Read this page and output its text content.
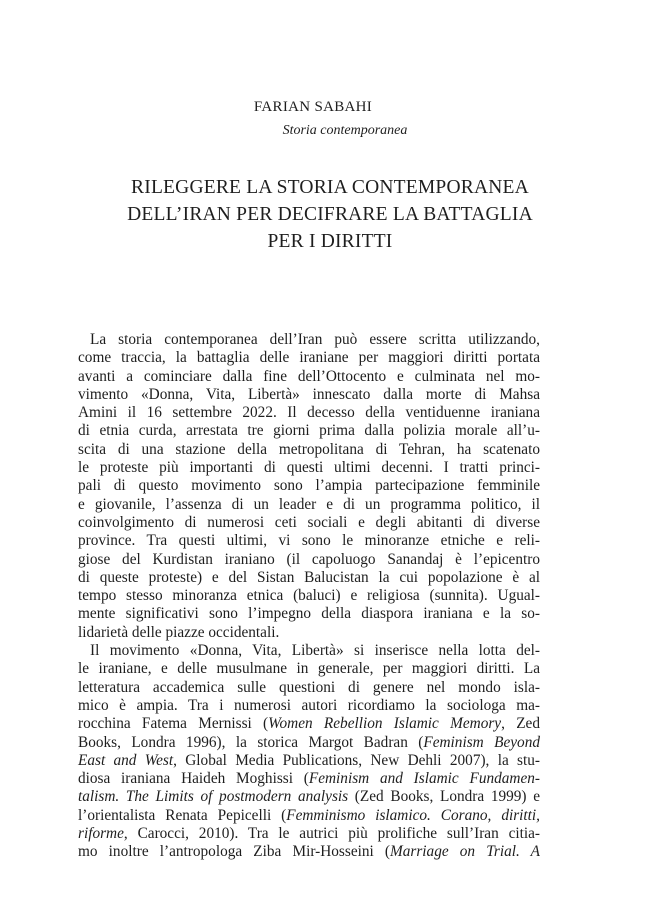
FARIAN SABAHI
Storia contemporanea
RILEGGERE LA STORIA CONTEMPORANEA
DELL’IRAN PER DECIFRARE LA BATTAGLIA
PER I DIRITTI

La storia contemporanea dell’Iran può essere scritta utilizzando,
come traccia, la battaglia delle iraniane per maggiori diritti portata
avanti a cominciare dalla fine dell’Ottocento e culminata nel mo-
vimento «Donna, Vita, Libertà» innescato dalla morte di Mahsa
Amini il 16 settembre 2022. Il decesso della ventiduenne iraniana
di etnia curda, arrestata tre giorni prima dalla polizia morale all’u-
scita di una stazione della metropolitana di Tehran, ha scatenato
le proteste più importanti di questi ultimi decenni. I tratti princi-
pali di questo movimento sono l’ampia partecipazione femminile
e giovanile, l’assenza di un leader e di un programma politico, il
coinvolgimento di numerosi ceti sociali e degli abitanti di diverse
province. Tra questi ultimi, vi sono le minoranze etniche e reli-
giose del Kurdistan iraniano (il capoluogo Sanandaj è l’epicentro
di queste proteste) e del Sistan Balucistan la cui popolazione è al
tempo stesso minoranza etnica (baluci) e religiosa (sunnita). Ugual-
mente significativi sono l’impegno della diaspora iraniana e la so-
lidarietà delle piazze occidentali.

Il movimento «Donna, Vita, Libertà» si inserisce nella lotta del-
le iraniane, e delle musulmane in generale, per maggiori diritti. La
letteratura accademica sulle questioni di genere nel mondo isla-
mico è ampia. Tra i numerosi autori ricordiamo la sociologa ma-
rocchina Fatema Mernissi (Women Rebellion Islamic Memory, Zed
Books, Londra 1996), la storica Margot Badran (Feminism Beyond
East and West, Global Media Publications, New Dehli 2007), la stu-
diosa iraniana Haideh Moghissi (Feminism and Islamic Fundamen-
talism. The Limits of postmodern analysis (Zed Books, Londra 1999) e
l’orientalista Renata Pepicelli (Femminismo islamico. Corano, diritti,
riforme, Carocci, 2010). Tra le autrici più prolifiche sull’Iran citia-
mo inoltre l’antropologa Ziba Mir-Hosseini (Marriage on Trial. A
